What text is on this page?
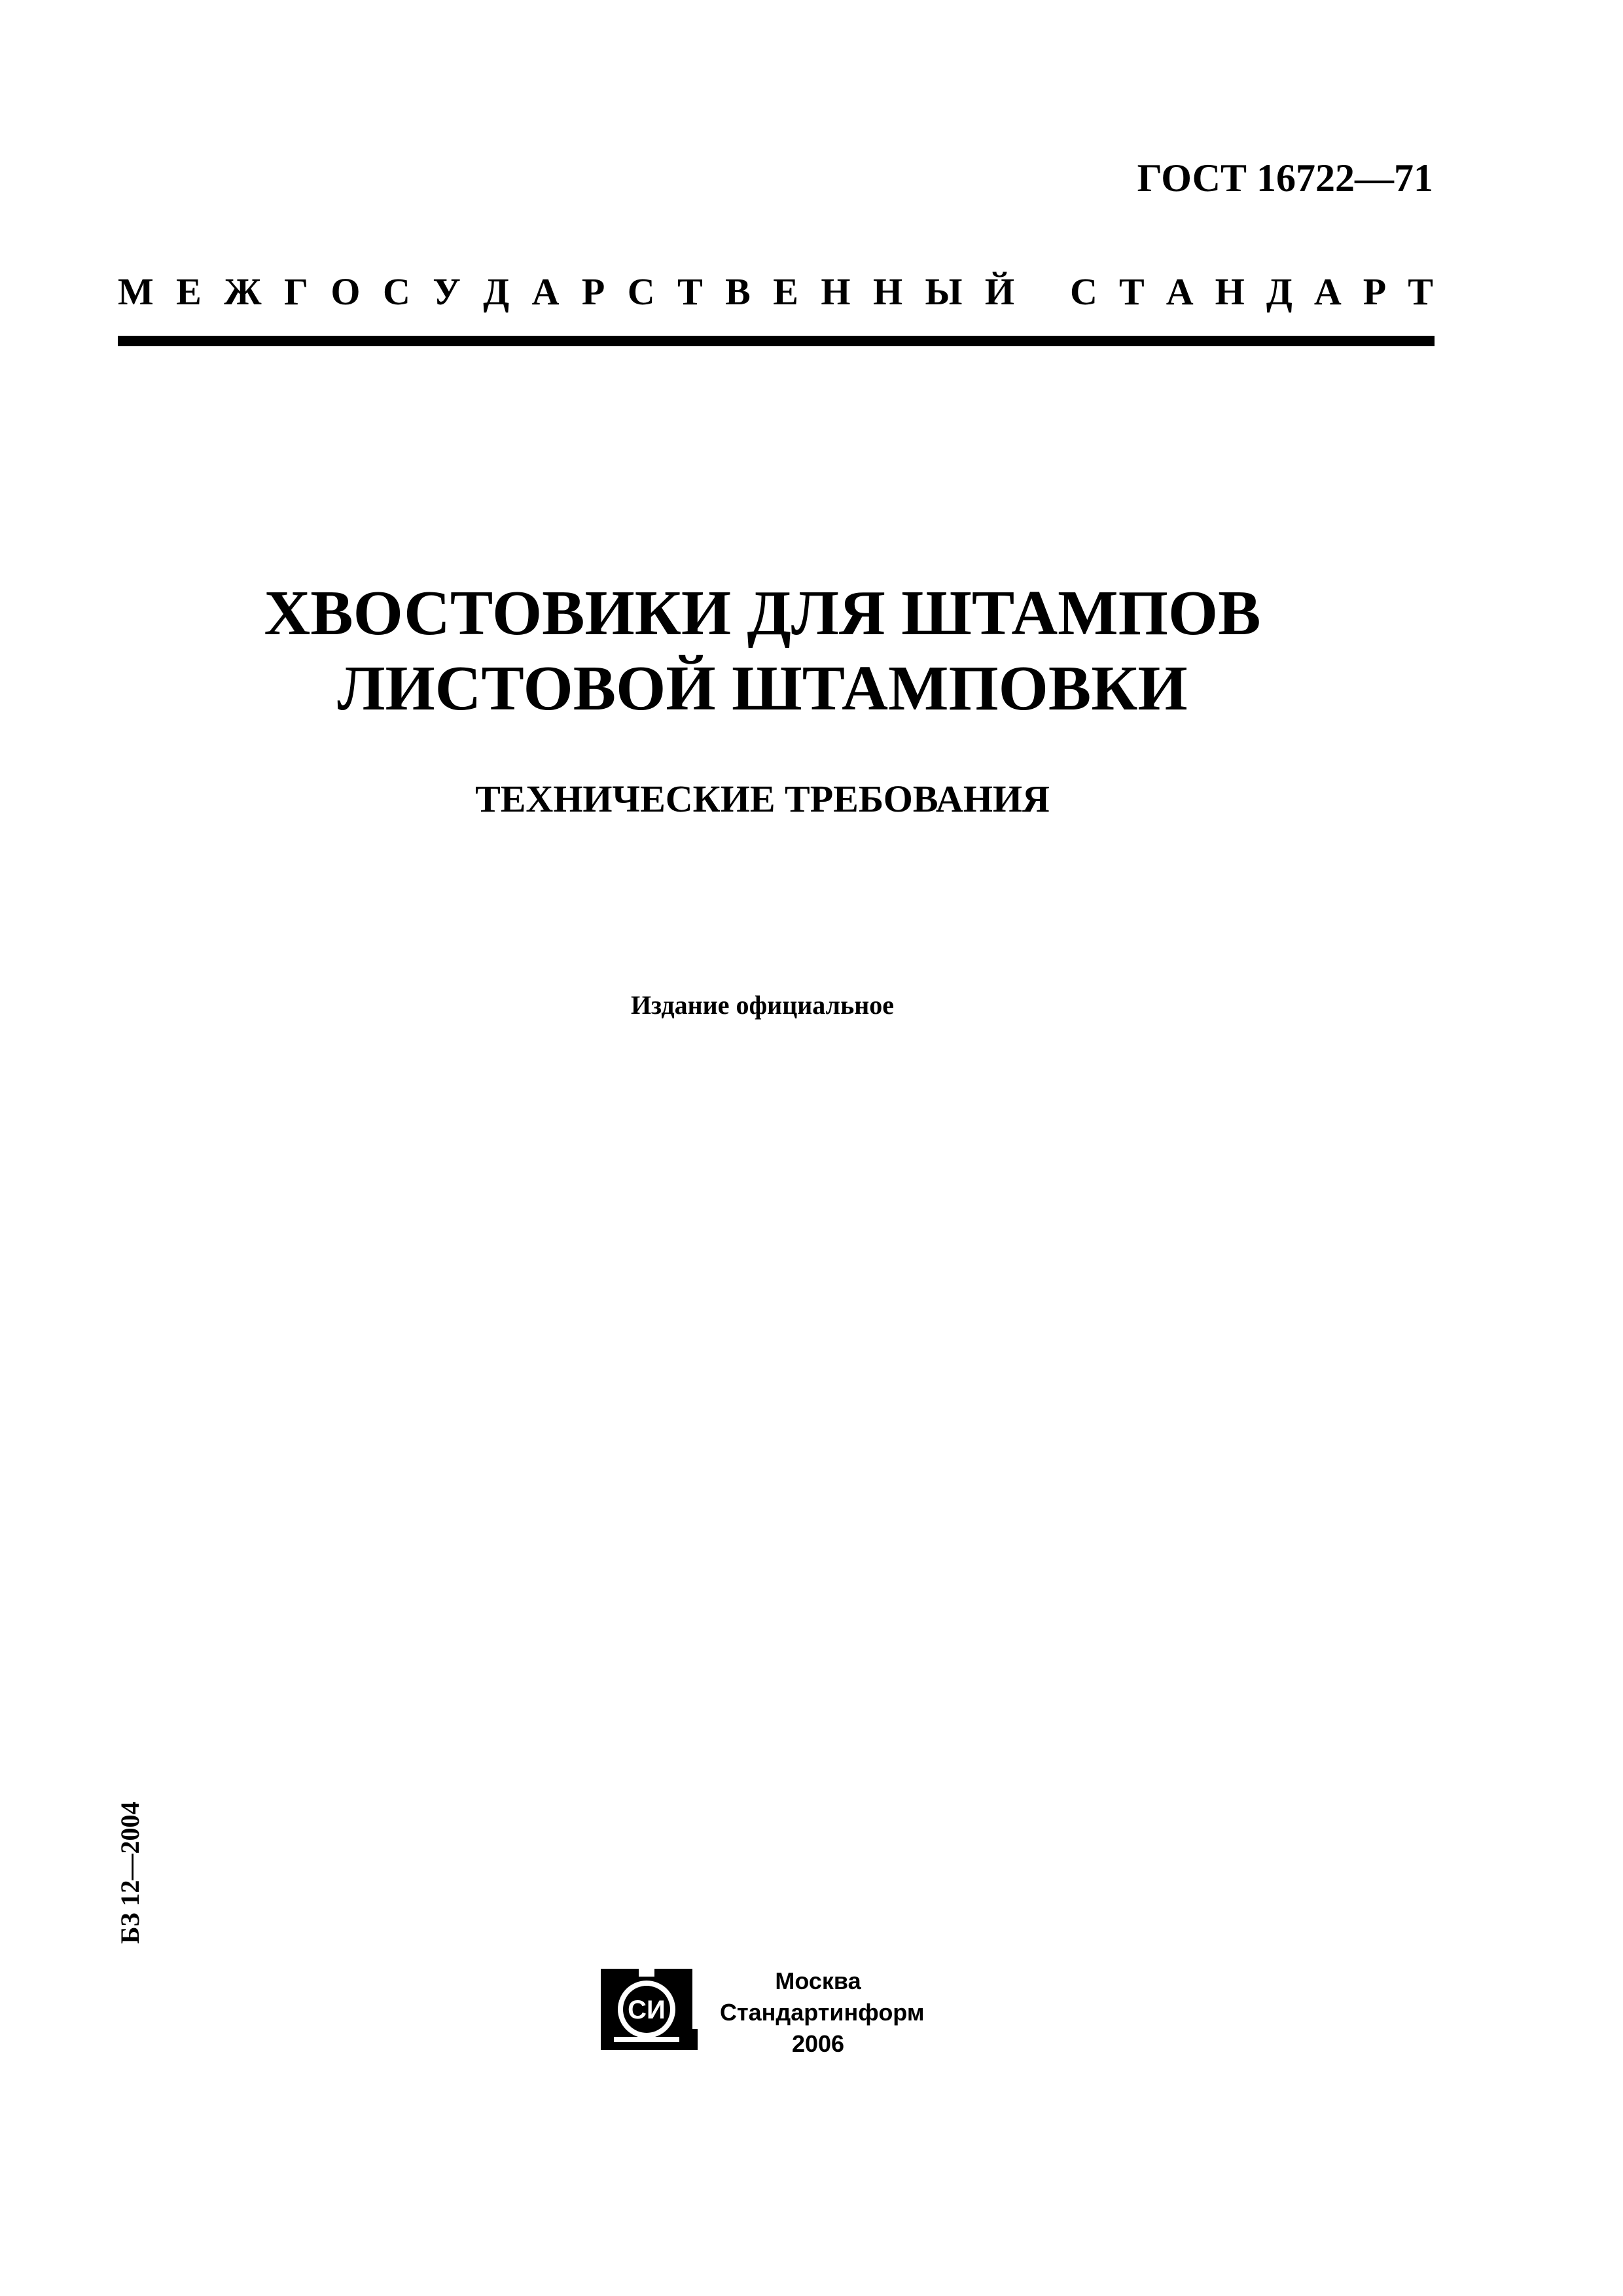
ГОСТ 16722—71
М Е Ж Г О С У Д А Р С Т В Е Н Н Ы Й С Т А Н Д А Р Т
ХВОСТОВИКИ ДЛЯ ШТАМПОВ
ЛИСТОВОЙ ШТАМПОВКИ
ТЕХНИЧЕСКИЕ ТРЕБОВАНИЯ
Издание официальное
БЗ 12—2004
СИ
Москва
Стандартинформ
2006
